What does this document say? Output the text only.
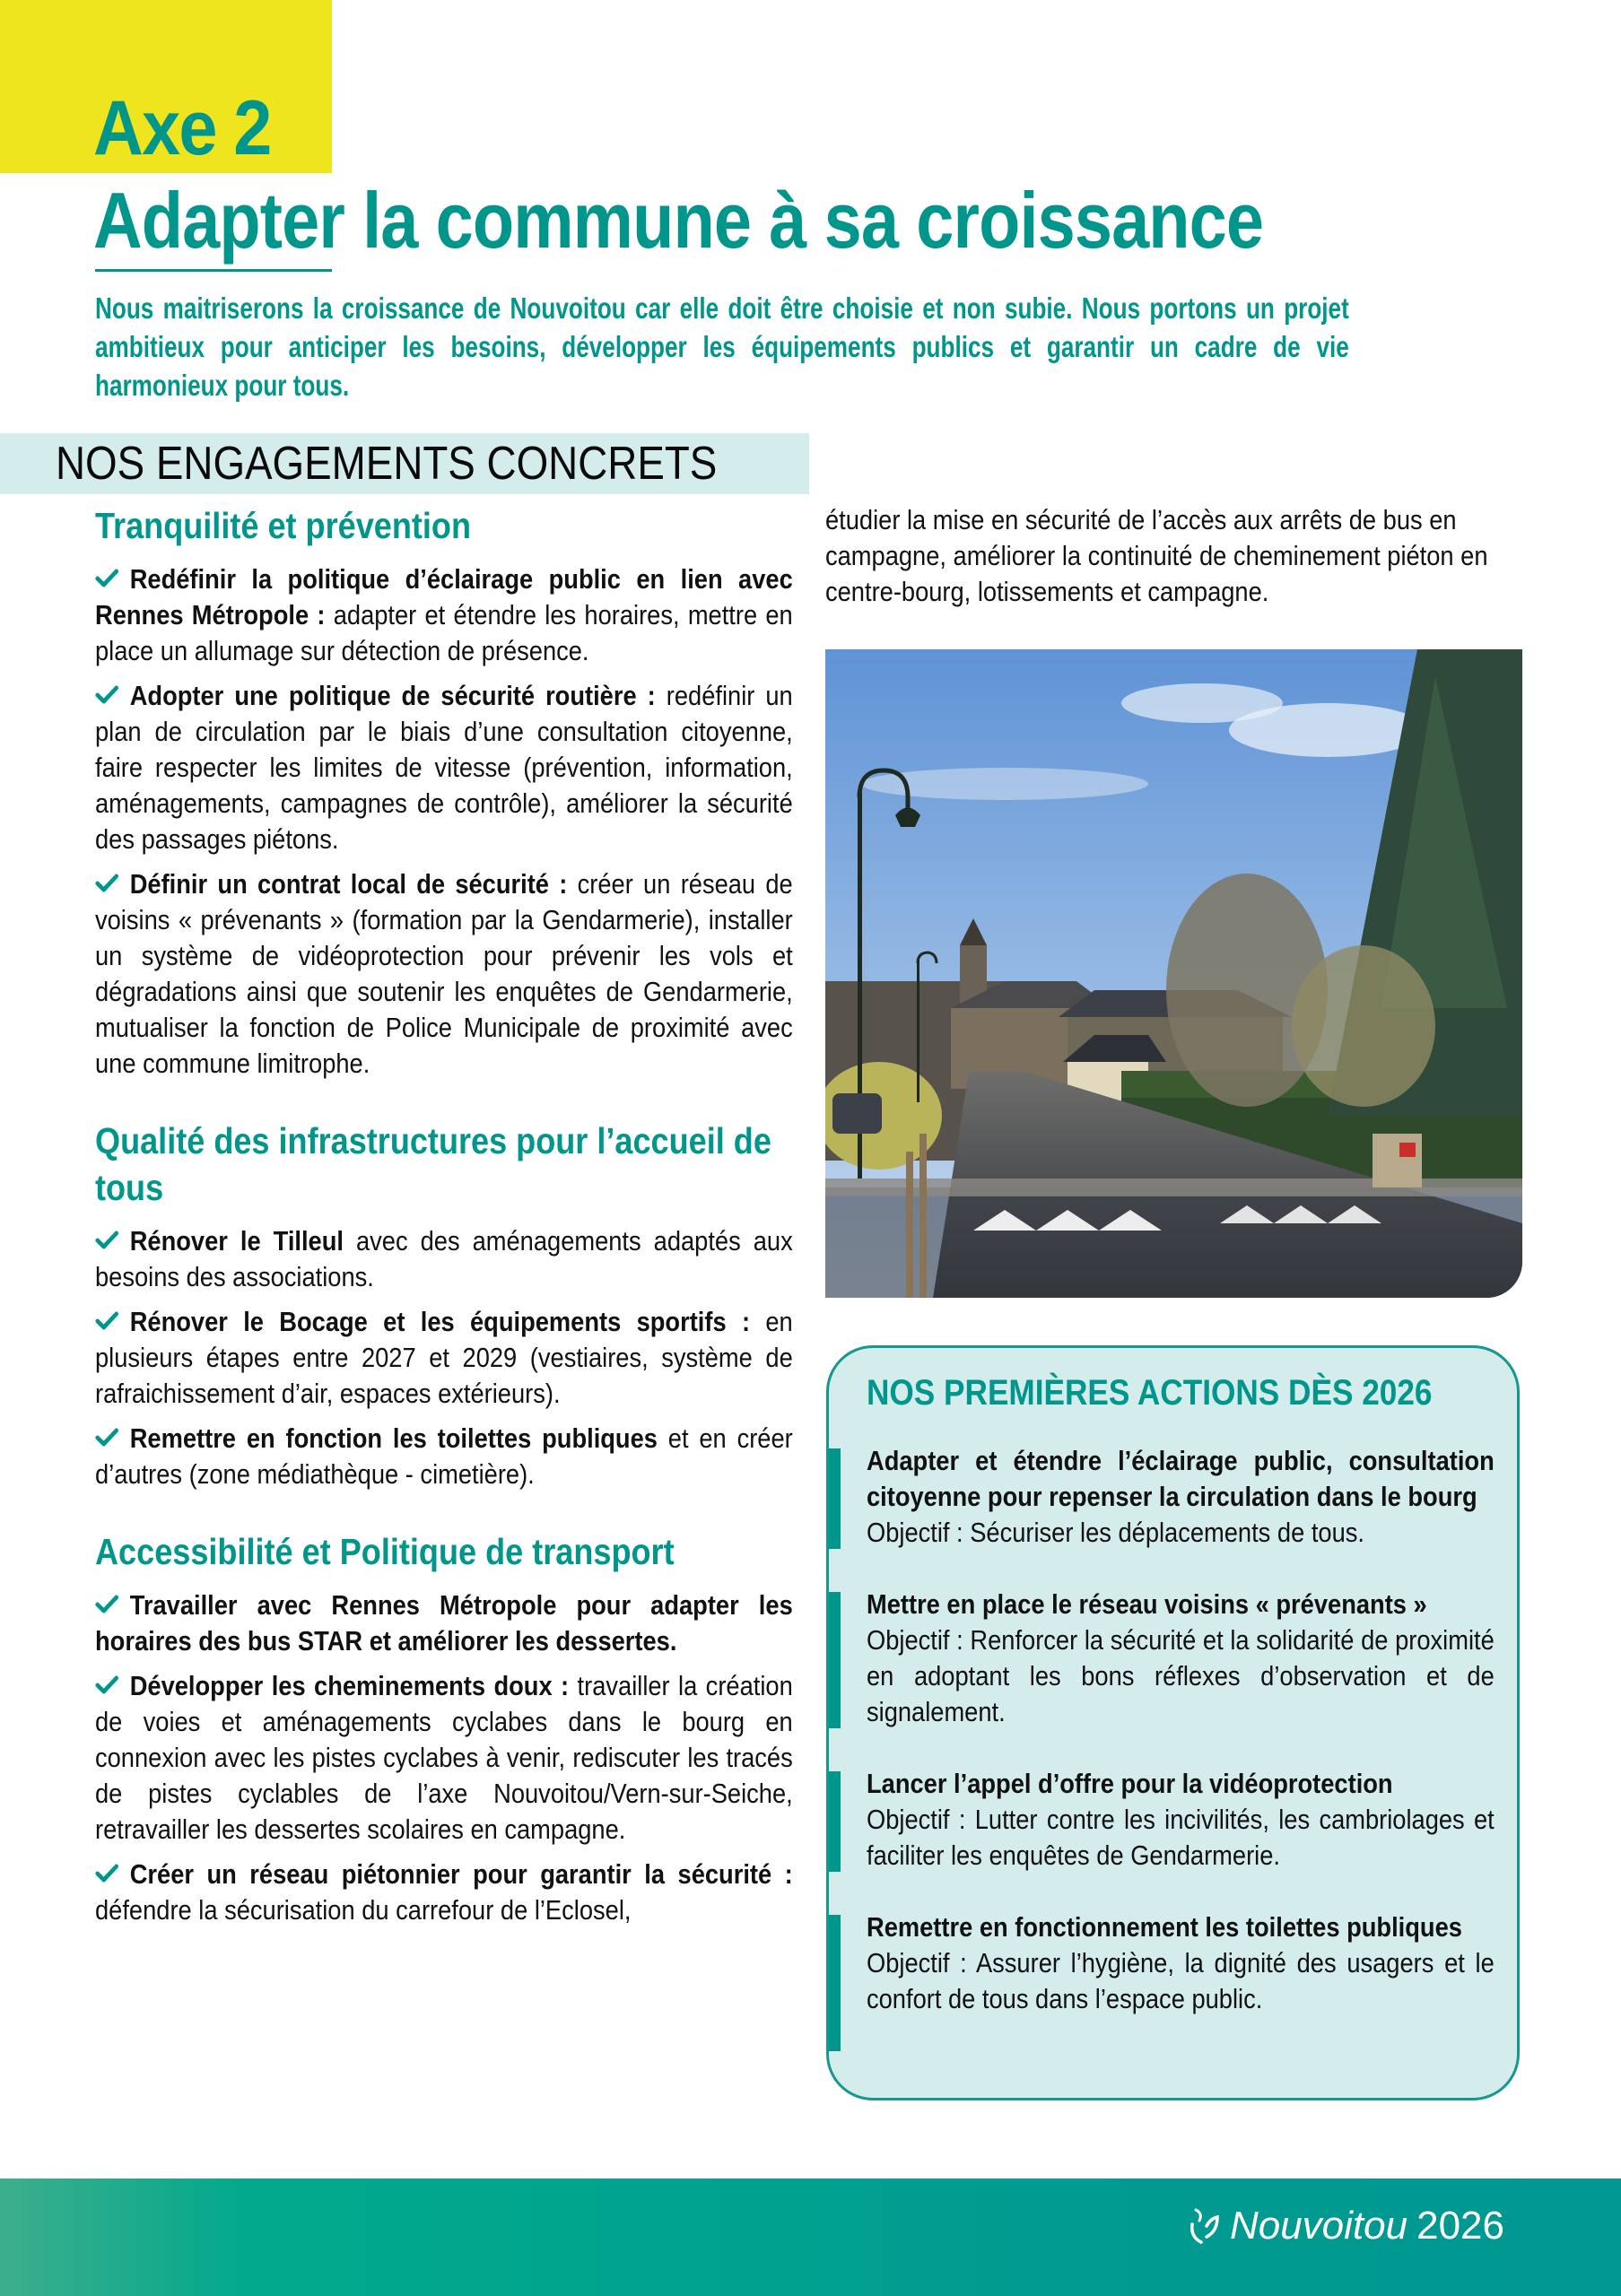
Axe 2
Adapter la commune à sa croissance
Nous maitriserons la croissance de Nouvoitou car elle doit être choisie et non subie. Nous portons un projet ambitieux pour anticiper les besoins, développer les équipements publics et garantir un cadre de vie harmonieux pour tous.
NOS ENGAGEMENTS CONCRETS
Tranquilité et prévention

Redéfinir la politique d’éclairage public en lien avec Rennes Métropole : adapter et étendre les horaires, mettre en place un allumage sur détection de présence.

Adopter une politique de sécurité routière : redéfinir un plan de circulation par le biais d’une consultation citoyenne, faire respecter les limites de vitesse (prévention, information, aménagements, campagnes de contrôle), améliorer la sécurité des passages piétons.

Définir un contrat local de sécurité : créer un réseau de voisins « prévenants » (formation par la Gendarmerie), installer un système de vidéoprotection pour prévenir les vols et dégradations ainsi que soutenir les enquêtes de Gendarmerie, mutualiser la fonction de Police Municipale de proximité avec une commune limitrophe.

Qualité des infrastructures pour l’accueil de tous

Rénover le Tilleul avec des aménagements adaptés aux besoins des associations.

Rénover le Bocage et les équipements sportifs : en plusieurs étapes entre 2027 et 2029 (vestiaires, système de rafraichissement d’air, espaces extérieurs).

Remettre en fonction les toilettes publiques et en créer d’autres (zone médiathèque - cimetière).

Accessibilité et Politique de transport

Travailler avec Rennes Métropole pour adapter les horaires des bus STAR et améliorer les dessertes.

Développer les cheminements doux : travailler la création de voies et aménagements cyclabes dans le bourg en connexion avec les pistes cyclabes à venir, rediscuter les tracés de pistes cyclables de l’axe Nouvoitou/Vern-sur-Seiche, retravailler les dessertes scolaires en campagne.

Créer un réseau piétonnier pour garantir la sécurité : défendre la sécurisation du carrefour de l’Eclosel,

étudier la mise en sécurité de l’accès aux arrêts de bus en campagne, améliorer la continuité de cheminement piéton en centre-bourg, lotissements et campagne.

NOS PREMIÈRES ACTIONS DÈS 2026
Adapter et étendre l’éclairage public, consultation citoyenne pour repenser la circulation dans le bourg
Objectif : Sécuriser les déplacements de tous.
Mettre en place le réseau voisins « prévenants »
Objectif : Renforcer la sécurité et la solidarité de proximité en adoptant les bons réflexes d’observation et de signalement.
Lancer l’appel d’offre pour la vidéoprotection
Objectif : Lutter contre les incivilités, les cambriolages et faciliter les enquêtes de Gendarmerie.
Remettre en fonctionnement les toilettes publiques
Objectif : Assurer l’hygiène, la dignité des usagers et le confort de tous dans l’espace public.
Nouvoitou 2026
